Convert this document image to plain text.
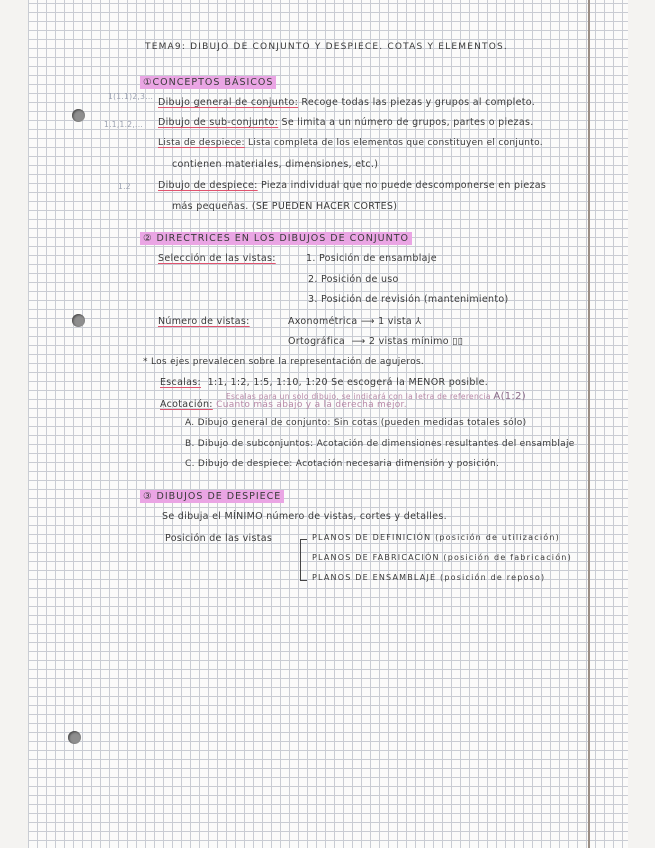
TEMA9: DIBUJO DE CONJUNTO Y DESPIECE. COTAS Y ELEMENTOS.
①CONCEPTOS BÁSICOS
1(1.1)2,3...
1.1,1.2,...
1.2
Dibujo general de conjunto: Recoge todas las piezas y grupos al completo.
Dibujo de sub-conjunto: Se limita a un número de grupos, partes o piezas.
Lista de despiece: Lista completa de los elementos que constituyen el conjunto.
contienen materiales, dimensiones, etc.)
Dibujo de despiece: Pieza individual que no puede descomponerse en piezas
más pequeñas. (SE PUEDEN HACER CORTES)
② DIRECTRICES EN LOS DIBUJOS DE CONJUNTO
Selección de las vistas:	1. Posición de ensamblaje
2. Posición de uso
3. Posición de revisión (mantenimiento)
Número de vistas:	Axonométrica ⟶ 1 vista ⅄
Ortográfica ⟶ 2 vistas mínimo ▯▯
* Los ejes prevalecen sobre la representación de agujeros.
Escalas: 1:1, 1:2, 1:5, 1:10, 1:20 Se escogerá la MENOR posible.
Escalas para un solo dibujo, se indicará con la letra de referencia A(1:2)
Acotación: Cuanto más abajo y a la derecha mejor.
A. Dibujo general de conjunto: Sin cotas (pueden medidas totales sólo)
B. Dibujo de subconjuntos: Acotación de dimensiones resultantes del ensamblaje
C. Dibujo de despiece: Acotación necesaria dimensión y posición.
③ DIBUJOS DE DESPIECE
Se dibuja el MÍNIMO número de vistas, cortes y detalles.
Posición de las vistas	PLANOS DE DEFINICIÓN (posición de utilización)
PLANOS DE FABRICACIÓN (posición de fabricación)
PLANOS DE ENSAMBLAJE (posición de reposo)
